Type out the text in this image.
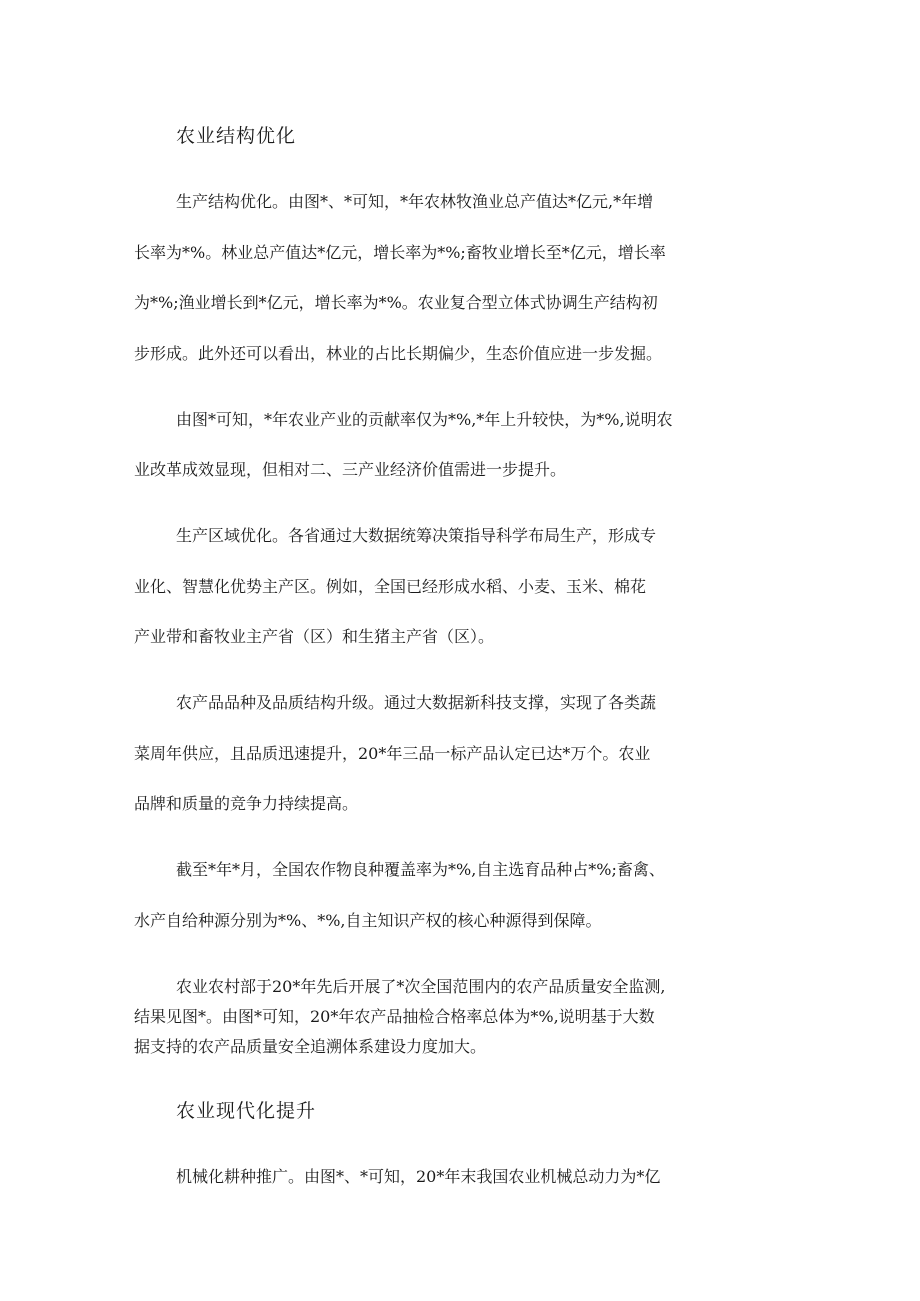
农业结构优化

生产结构优化。由图*、*可知，*年农林牧渔业总产值达*亿元,*年增

长率为*%。林业总产值达*亿元，增长率为*%;畜牧业增长至*亿元，增长率

为*%;渔业增长到*亿元，增长率为*%。农业复合型立体式协调生产结构初

步形成。此外还可以看出，林业的占比长期偏少，生态价值应进一步发掘。

由图*可知，*年农业产业的贡献率仅为*%,*年上升较快，为*%,说明农

业改革成效显现，但相对二、三产业经济价值需进一步提升。

生产区域优化。各省通过大数据统筹决策指导科学布局生产，形成专

业化、智慧化优势主产区。例如，全国已经形成水稻、小麦、玉米、棉花

产业带和畜牧业主产省（区）和生猪主产省（区）。

农产品品种及品质结构升级。通过大数据新科技支撑，实现了各类蔬

菜周年供应，且品质迅速提升，20*年三品一标产品认定已达*万个。农业

品牌和质量的竞争力持续提高。

截至*年*月，全国农作物良种覆盖率为*%,自主选育品种占*%;畜禽、

水产自给种源分别为*%、*%,自主知识产权的核心种源得到保障。

农业农村部于20*年先后开展了*次全国范围内的农产品质量安全监测,

结果见图*。由图*可知，20*年农产品抽检合格率总体为*%,说明基于大数

据支持的农产品质量安全追溯体系建设力度加大。

农业现代化提升

机械化耕种推广。由图*、*可知，20*年末我国农业机械总动力为*亿
